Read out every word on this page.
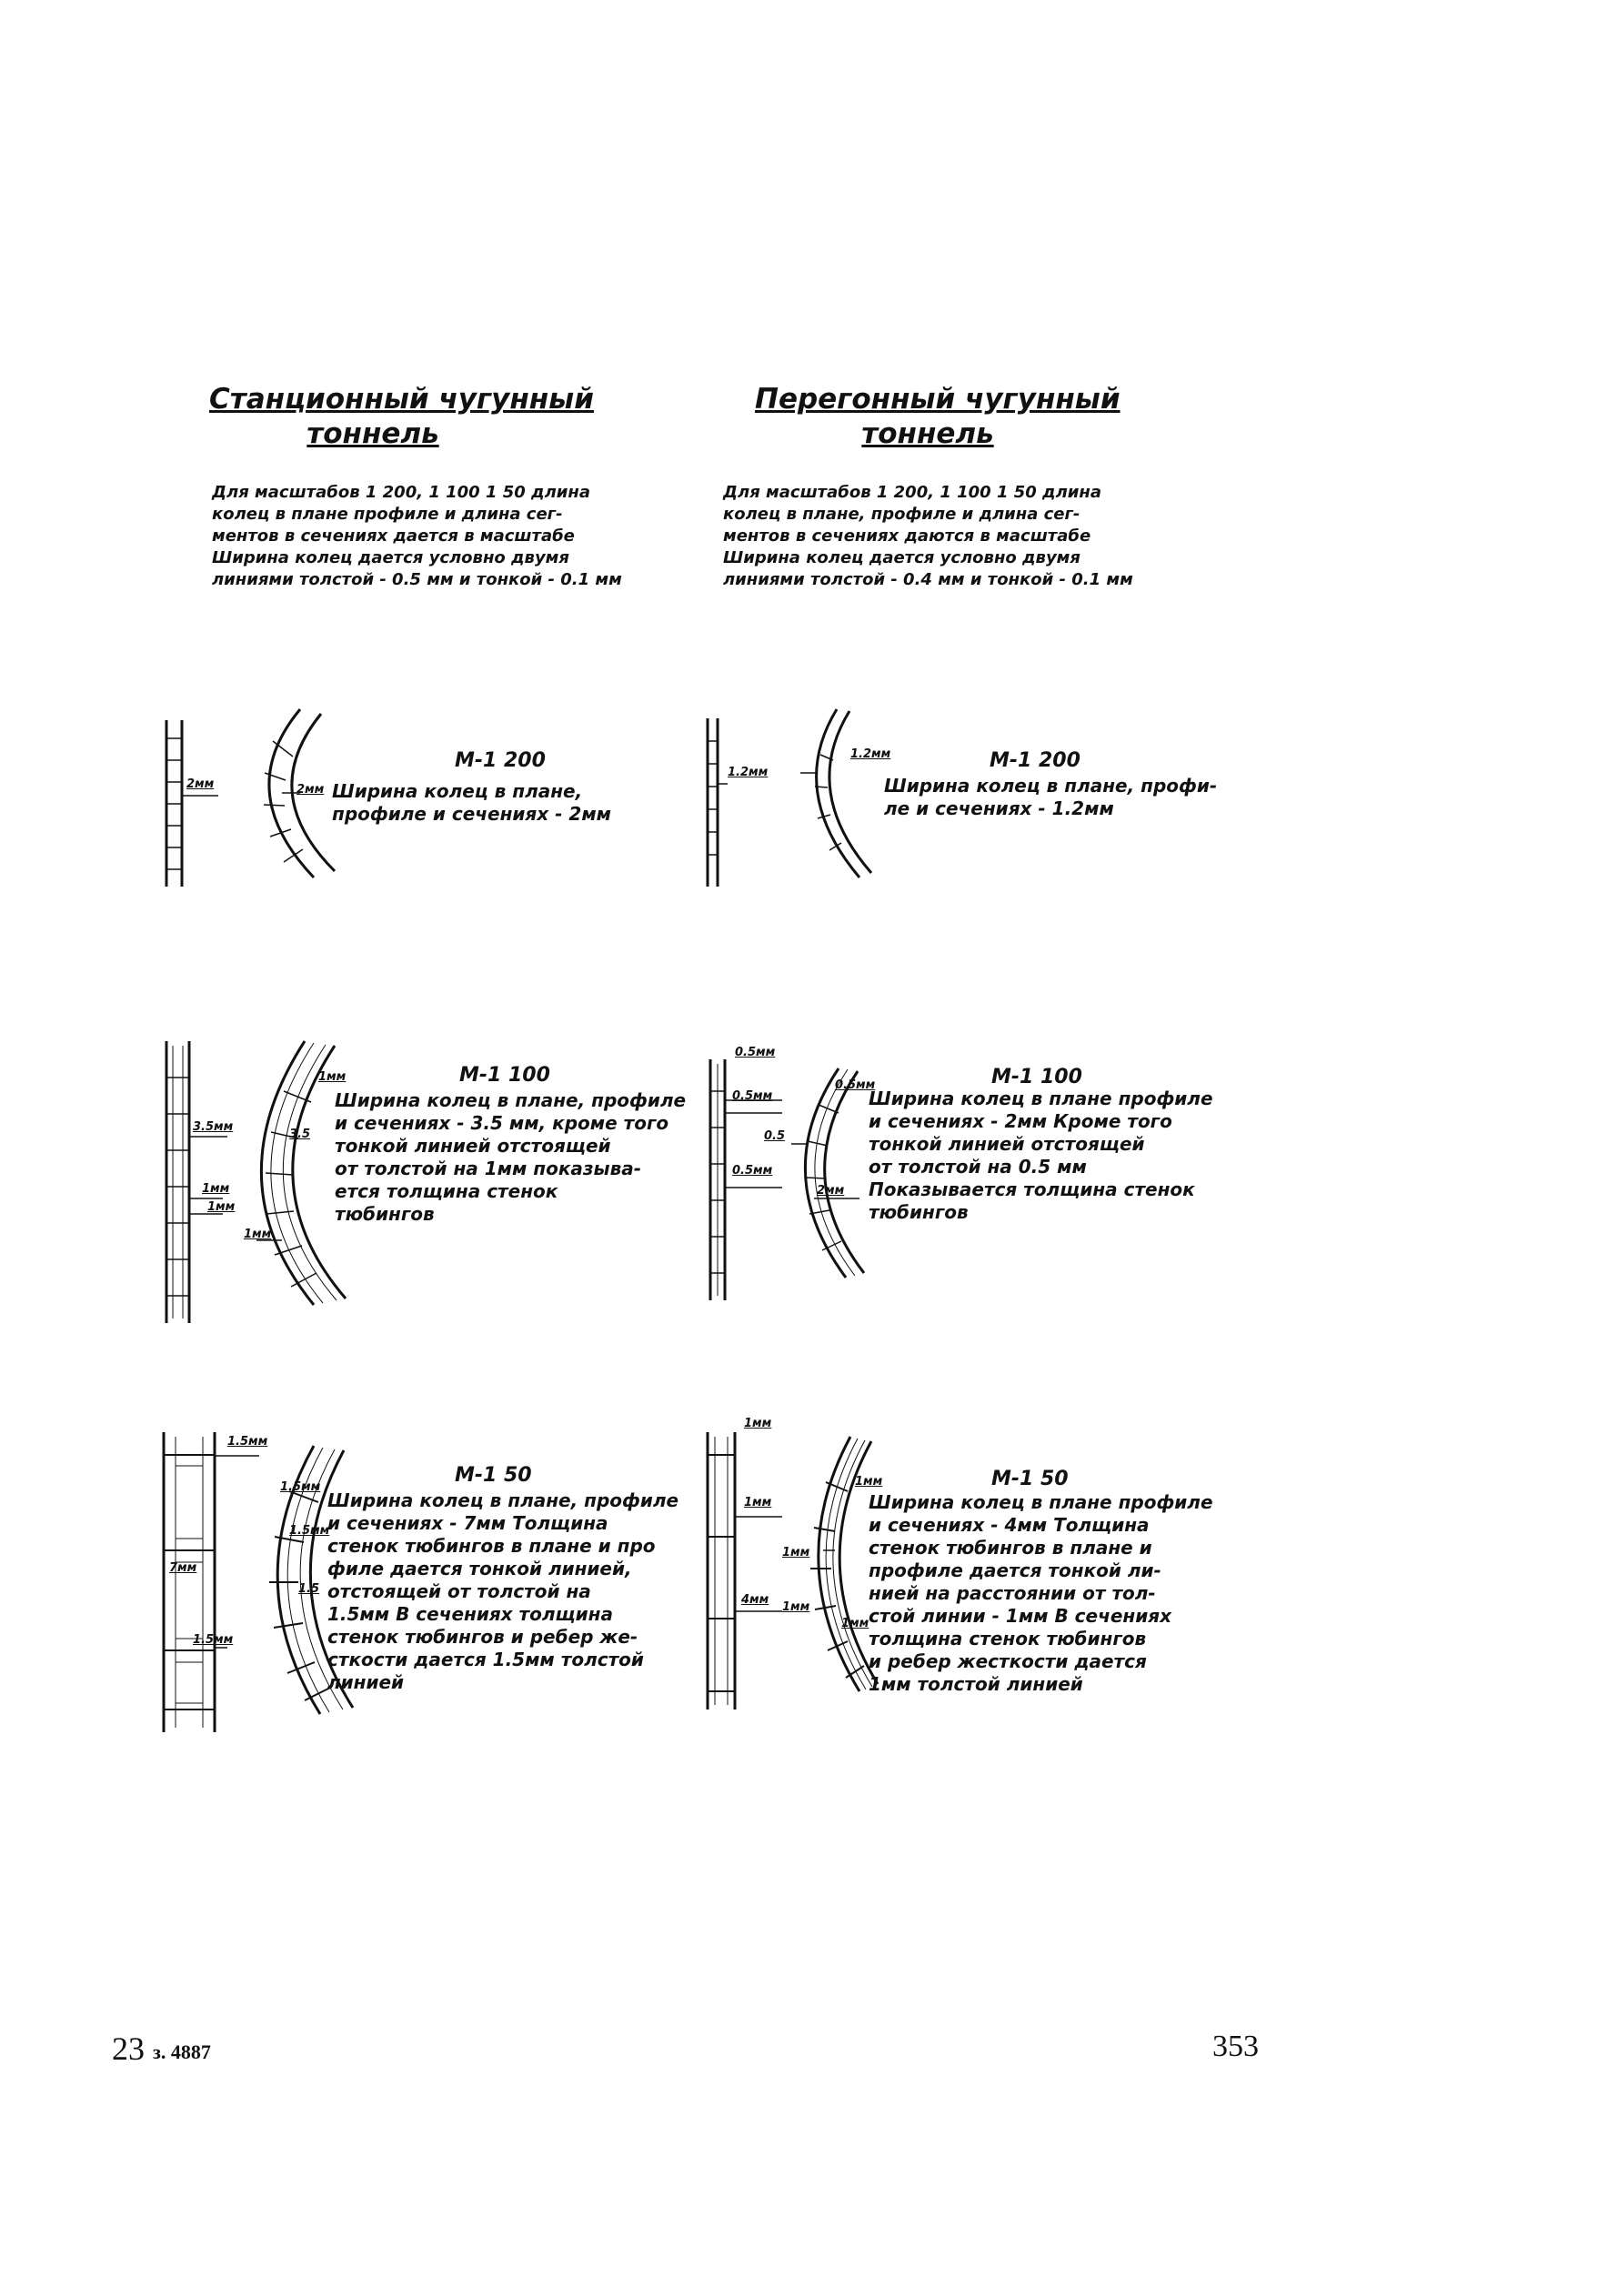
Станционный чугунный
тоннель
Перегонный чугунный
тоннель
Для масштабов 1 200, 1 100 1 50 длина
колец в плане профиле и длина сег-
ментов в сечениях дается в масштабе
Ширина колец дается условно двумя
линиями толстой - 0.5 мм и тонкой - 0.1 мм
Для масштабов 1 200, 1 100 1 50 длина
колец в плане, профиле и длина сег-
ментов в сечениях даются в масштабе
Ширина колец дается условно двумя
линиями толстой - 0.4 мм и тонкой - 0.1 мм
М-1 200
Ширина колец в плане,
профиле и сечениях - 2мм
2мм	2мм
М-1 200
Ширина колец в плане, профи-
ле и сечениях - 1.2мм
1.2мм
1.2мм
М-1 100
Ширина колец в плане, профиле
и сечениях - 3.5 мм, кроме того
тонкой линией отстоящей
от толстой на 1мм показыва-
ется толщина стенок
тюбингов
1мм
3.5мм
3.5
1мм
1мм
1мм
М-1 100
Ширина колец в плане профиле
и сечениях - 2мм Кроме того
тонкой линией отстоящей
от толстой на 0.5 мм
Показывается толщина стенок
тюбингов
0.5мм
0.5мм
0.5мм
0.5
0.5мм
2мм
М-1 50
Ширина колец в плане, профиле
и сечениях - 7мм Толщина
стенок тюбингов в плане и про
филе дается тонкой линией,
отстоящей от толстой на
1.5мм В сечениях толщина
стенок тюбингов и ребер же-
сткости дается 1.5мм толстой
линией
1.5мм
1.5мм
1.5мм
7мм
1.5
1.5мм
М-1 50
Ширина колец в плане профиле
и сечениях - 4мм Толщина
стенок тюбингов в плане и
профиле дается тонкой ли-
нией на расстоянии от тол-
стой линии - 1мм В сечениях
толщина стенок тюбингов
и ребер жесткости дается
1мм толстой линией
1мм
1мм
1мм
4мм
1мм
1мм
1мм
23 з. 4887	353
